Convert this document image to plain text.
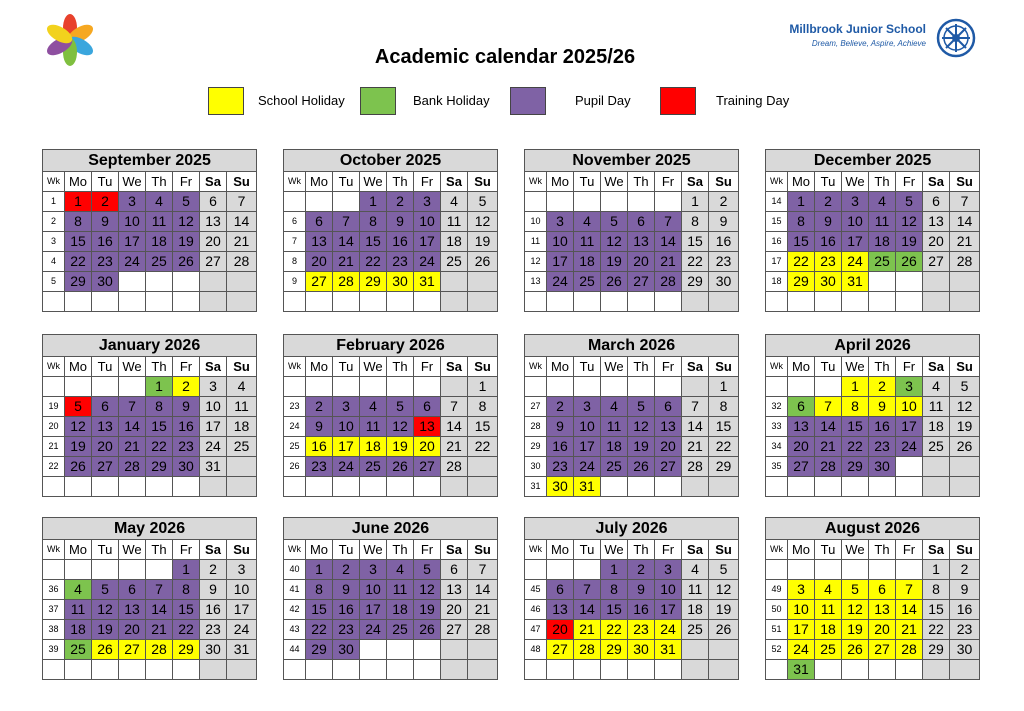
Academic calendar 2025/26
Millbrook Junior School
Dream, Believe, Aspire, Achieve
School Holiday	Bank Holiday	Pupil Day	Training Day
September 2025							
Wk	Mo	Tu	We	Th	Fr	Sa	Su
1	1	2	3	4	5	6	7
2	8	9	10	11	12	13	14
3	15	16	17	18	19	20	21
4	22	23	24	25	26	27	28
5	29	30					

October 2025							
Wk	Mo	Tu	We	Th	Fr	Sa	Su
			1	2	3	4	5
6	6	7	8	9	10	11	12
7	13	14	15	16	17	18	19
8	20	21	22	23	24	25	26
9	27	28	29	30	31		

November 2025							
Wk	Mo	Tu	We	Th	Fr	Sa	Su
						1	2
10	3	4	5	6	7	8	9
11	10	11	12	13	14	15	16
12	17	18	19	20	21	22	23
13	24	25	26	27	28	29	30

December 2025							
Wk	Mo	Tu	We	Th	Fr	Sa	Su
14	1	2	3	4	5	6	7
15	8	9	10	11	12	13	14
16	15	16	17	18	19	20	21
17	22	23	24	25	26	27	28
18	29	30	31				

January 2026							
Wk	Mo	Tu	We	Th	Fr	Sa	Su
				1	2	3	4
19	5	6	7	8	9	10	11
20	12	13	14	15	16	17	18
21	19	20	21	22	23	24	25
22	26	27	28	29	30	31	

February 2026							
Wk	Mo	Tu	We	Th	Fr	Sa	Su
							1
23	2	3	4	5	6	7	8
24	9	10	11	12	13	14	15
25	16	17	18	19	20	21	22
26	23	24	25	26	27	28	

March 2026							
Wk	Mo	Tu	We	Th	Fr	Sa	Su
							1
27	2	3	4	5	6	7	8
28	9	10	11	12	13	14	15
29	16	17	18	19	20	21	22
30	23	24	25	26	27	28	29
31	30	31					
April 2026							
Wk	Mo	Tu	We	Th	Fr	Sa	Su
			1	2	3	4	5
32	6	7	8	9	10	11	12
33	13	14	15	16	17	18	19
34	20	21	22	23	24	25	26
35	27	28	29	30			

May 2026							
Wk	Mo	Tu	We	Th	Fr	Sa	Su
					1	2	3
36	4	5	6	7	8	9	10
37	11	12	13	14	15	16	17
38	18	19	20	21	22	23	24
39	25	26	27	28	29	30	31

June 2026							
Wk	Mo	Tu	We	Th	Fr	Sa	Su
40	1	2	3	4	5	6	7
41	8	9	10	11	12	13	14
42	15	16	17	18	19	20	21
43	22	23	24	25	26	27	28
44	29	30					

July 2026							
Wk	Mo	Tu	We	Th	Fr	Sa	Su
			1	2	3	4	5
45	6	7	8	9	10	11	12
46	13	14	15	16	17	18	19
47	20	21	22	23	24	25	26
48	27	28	29	30	31		

August 2026							
Wk	Mo	Tu	We	Th	Fr	Sa	Su
						1	2
49	3	4	5	6	7	8	9
50	10	11	12	13	14	15	16
51	17	18	19	20	21	22	23
52	24	25	26	27	28	29	30
	31						
